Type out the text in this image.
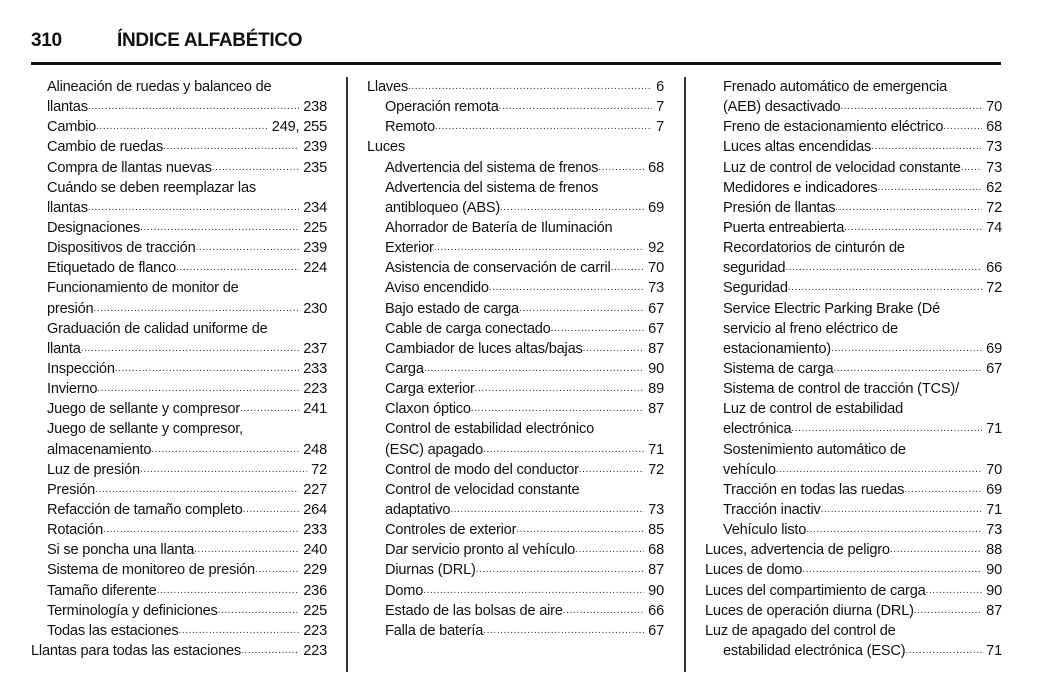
310	ÍNDICE ALFABÉTICO
Alineación de ruedas y balanceo de
llantas .....	238
Cambio .....	249, 255
Cambio de ruedas .....	239
Compra de llantas nuevas .....	235
Cuándo se deben reemplazar las
llantas .....	234
Designaciones .....	225
Dispositivos de tracción .....	239
Etiquetado de flanco .....	224
Funcionamiento de monitor de
presión .....	230
Graduación de calidad uniforme de
llanta .....	237
Inspección .....	233
Invierno .....	223
Juego de sellante y compresor .....	241
Juego de sellante y compresor,
almacenamiento .....	248
Luz de presión .....	72
Presión .....	227
Refacción de tamaño completo .....	264
Rotación .....	233
Si se poncha una llanta .....	240
Sistema de monitoreo de presión .....	229
Tamaño diferente .....	236
Terminología y definiciones .....	225
Todas las estaciones .....	223
Llantas para todas las estaciones .....	223
Llaves .....	6
Operación remota .....	7
Remoto .....	7
Luces
Advertencia del sistema de frenos .....	68
Advertencia del sistema de frenos
antibloqueo (ABS) .....	69
Ahorrador de Batería de Iluminación
Exterior .....	92
Asistencia de conservación de carril .....	70
Aviso encendido .....	73
Bajo estado de carga .....	67
Cable de carga conectado .....	67
Cambiador de luces altas/bajas .....	87
Carga .....	90
Carga exterior .....	89
Claxon óptico .....	87
Control de estabilidad electrónico
(ESC) apagado .....	71
Control de modo del conductor .....	72
Control de velocidad constante
adaptativo .....	73
Controles de exterior .....	85
Dar servicio pronto al vehículo .....	68
Diurnas (DRL) .....	87
Domo .....	90
Estado de las bolsas de aire .....	66
Falla de batería .....	67
Frenado automático de emergencia
(AEB) desactivado .....	70
Freno de estacionamiento eléctrico .....	68
Luces altas encendidas .....	73
Luz de control de velocidad constante ..... 73
Medidores e indicadores .....	62
Presión de llantas .....	72
Puerta entreabierta .....	74
Recordatorios de cinturón de
seguridad .....	66
Seguridad .....	72
Service Electric Parking Brake (Dé
servicio al freno eléctrico de
estacionamiento) .....	69
Sistema de carga .....	67
Sistema de control de tracción (TCS)/
Luz de control de estabilidad
electrónica .....	71
Sostenimiento automático de
vehículo .....	70
Tracción en todas las ruedas .....	69
Tracción inactiv .....	71
Vehículo listo .....	73
Luces, advertencia de peligro .....	88
Luces de domo .....	90
Luces del compartimiento de carga .....	90
Luces de operación diurna (DRL) .....	87
Luz de apagado del control de
estabilidad electrónica (ESC) .....	71
